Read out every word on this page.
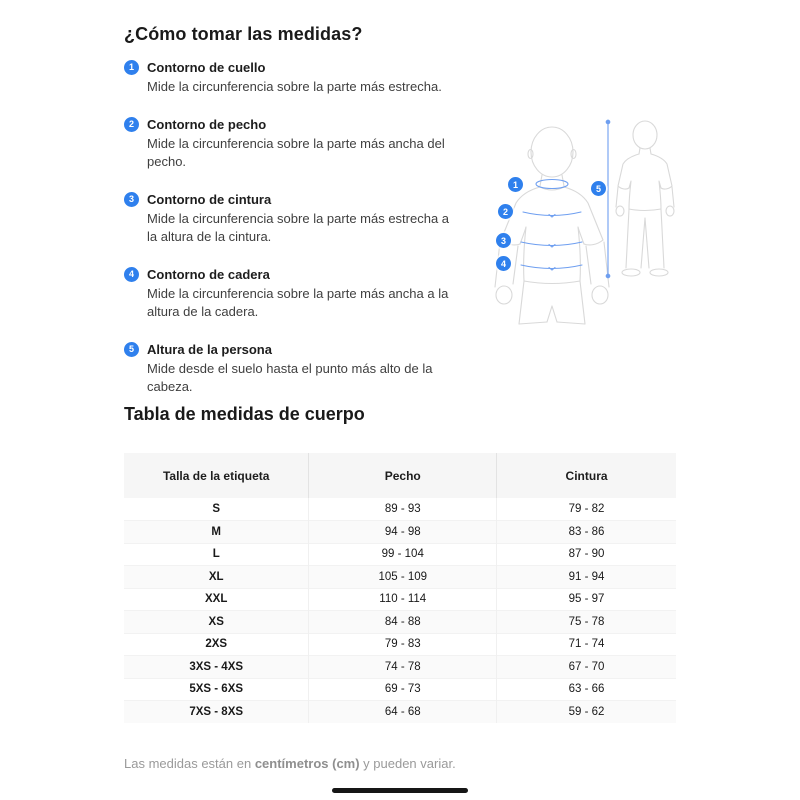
¿Cómo tomar las medidas?
1	Contorno de cuello
Mide la circunferencia sobre la parte más estrecha.
2	Contorno de pecho
Mide la circunferencia sobre la parte más ancha del pecho.
3	Contorno de cintura
Mide la circunferencia sobre la parte más estrecha a la altura de la cintura.
4	Contorno de cadera
Mide la circunferencia sobre la parte más ancha a la altura de la cadera.
5	Altura de la persona
Mide desde el suelo hasta el punto más alto de la cabeza.
1
2
3
4
5
Tabla de medidas de cuerpo
Talla de la etiqueta	Pecho	Cintura
S	89 - 93	79 - 82
M	94 - 98	83 - 86
L	99 - 104	87 - 90
XL	105 - 109	91 - 94
XXL	110 - 114	95 - 97
XS	84 - 88	75 - 78
2XS	79 - 83	71 - 74
3XS - 4XS	74 - 78	67 - 70
5XS - 6XS	69 - 73	63 - 66
7XS - 8XS	64 - 68	59 - 62

Las medidas están en centímetros (cm) y pueden variar.
